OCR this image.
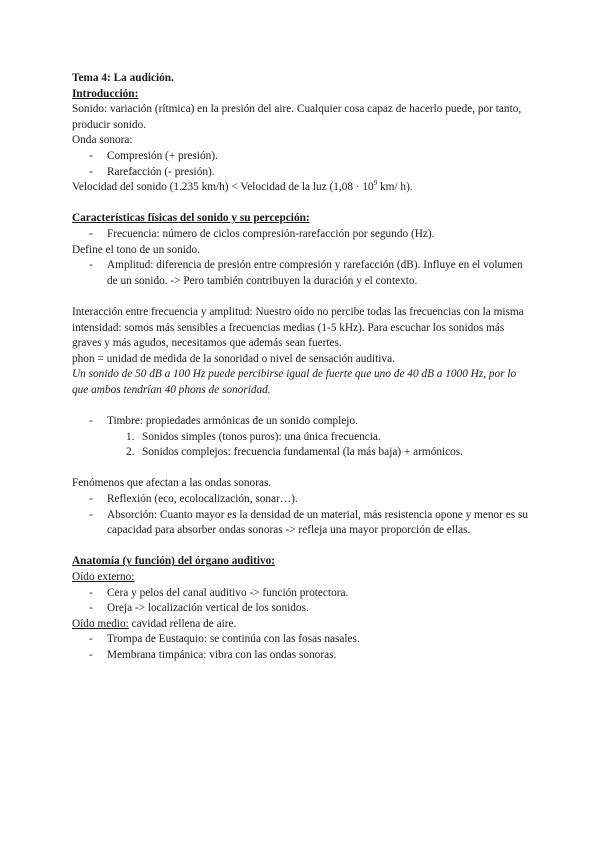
Tema 4: La audición.
Introducción:
Sonido: variación (rítmica) en la presión del aire. Cualquier cosa capaz de hacerlo puede, por tanto, producir sonido.
Onda sonora:
- Compresión (+ presión).
- Rarefacción (- presión).
Velocidad del sonido (1.235 km/h) < Velocidad de la luz ($1,08 \cdot 10^9$ km/ h).
Características físicas del sonido y su percepción:
- Frecuencia: número de ciclos compresión-rarefacción por segundo (Hz).
Define el tono de un sonido.
- Amplitud: diferencia de presión entre compresión y rarefacción (dB). Influye en el volumen de un sonido. -> Pero también contribuyen la duración y el contexto.
Interacción entre frecuencia y amplitud: Nuestro oído no percibe todas las frecuencias con la misma intensidad: somos más sensibles a frecuencias medias (1-5 kHz). Para escuchar los sonidos más graves y más agudos, necesitamos que además sean fuertes.
phon = unidad de medida de la sonoridad o nivel de sensación auditiva.
Un sonido de 50 dB a 100 Hz puede percibirse igual de fuerte que uno de 40 dB a 1000 Hz, por lo que ambos tendrían 40 phons de sonoridad.
- Timbre: propiedades armónicas de un sonido complejo.
1. Sonidos simples (tonos puros): una única frecuencia.
2. Sonidos complejos: frecuencia fundamental (la más baja) + armónicos.
Fenómenos que afectan a las ondas sonoras.
- Reflexión (eco, ecolocalización, sonar…).
- Absorción: Cuanto mayor es la densidad de un material, más resistencia opone y menor es su capacidad para absorber ondas sonoras -> refleja una mayor proporción de ellas.
Anatomía (y función) del órgano auditivo:
Oído externo:
- Cera y pelos del canal auditivo -> función protectora.
- Oreja -> localización vertical de los sonidos.
Oído medio: cavidad rellena de aire.
- Trompa de Eustaquio: se continúa con las fosas nasales.
- Membrana timpánica: vibra con las ondas sonoras.
